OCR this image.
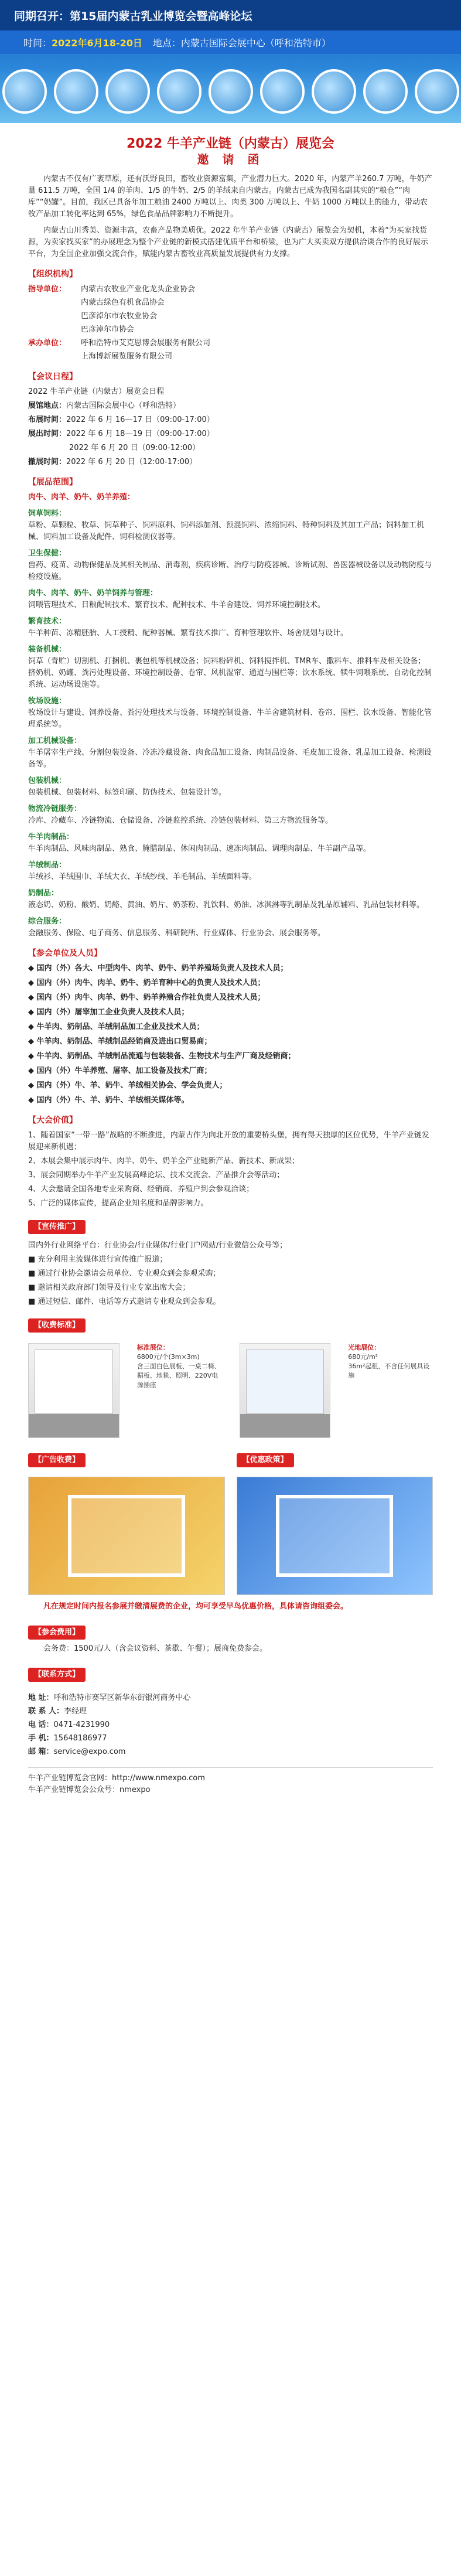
同期召开：第15届内蒙古乳业博览会暨高峰论坛
时间：2022年6月18-20日 地点：内蒙古国际会展中心（呼和浩特市）
2022 牛羊产业链（内蒙古）展览会
邀 请 函

内蒙古不仅有广袤草原，还有沃野良田，畜牧业资源富集，产业潜力巨大。2020 年，内蒙产羊260.7 万吨，牛奶产量 611.5 万吨，全国 1/4 的羊肉、1/5 的牛奶、2/5 的羊绒来自内蒙古。内蒙古已成为我国名副其实的“粮仓”“肉库”“奶罐”。目前，我区已具备年加工粮油 2400 万吨以上、肉类 300 万吨以上、牛奶 1000 万吨以上的能力，带动农牧产品加工转化率达到 65%，绿色食品品牌影响力不断提升。

内蒙古山川秀美、资源丰富，农畜产品物美质优。2022 年牛羊产业链（内蒙古）展览会为契机，本着“为买家找货源，为卖家找买家”的办展理念为整个产业链的新模式搭建优质平台和桥梁，也为广大买卖双方提供洽谈合作的良好展示平台，为全国企业加强交流合作，赋能内蒙古畜牧业高质量发展提供有力支撑。

【组织机构】
指导单位： 内蒙古农牧业产业化龙头企业协会
内蒙古绿色有机食品协会
巴彦淖尔市农牧业协会
巴彦淖尔市协会
承办单位： 呼和浩特市艾克思博会展服务有限公司
上海博新展览服务有限公司
【会议日程】
2022 牛羊产业链（内蒙古）展览会日程
展馆地点：内蒙古国际会展中心（呼和浩特）
布展时间：2022 年 6 月 16—17 日（09:00-17:00）
展出时间：2022 年 6 月 18—19 日（09:00-17:00）
2022 年 6 月 20 日（09:00-12:00）
撤展时间：2022 年 6 月 20 日（12:00-17:00）
【展品范围】
肉牛、肉羊、奶牛、奶羊养殖：
饲草饲料：
草粉、草颗粒、牧草、饲草种子、饲料原料、饲料添加剂、预混饲料、浓缩饲料、特种饲料及其加工产品；饲料加工机械、饲料加工设备及配件、饲料检测仪器等。
卫生保健：
兽药、疫苗、动物保健品及其相关制品、消毒剂，疾病诊断、治疗与防疫器械、诊断试剂、兽医器械设备以及动物防疫与检疫设施。
肉牛、肉羊、奶牛、奶羊饲养与管理：
饲喂管理技术、日粮配制技术、繁育技术、配种技术、牛羊舍建设、饲养环境控制技术。
繁育技术：
牛羊种苗、冻精胚胎、人工授精、配种器械、繁育技术推广、育种管理软件、场舍规划与设计。
装备机械：
饲草（青贮）切割机、打捆机、裹包机等机械设备；饲料粉碎机、饲料搅拌机、TMR车、撒料车、推料车及相关设备；挤奶机、奶罐、粪污处理设备、环境控制设备、卷帘、风机湿帘、通道与围栏等；饮水系统、犊牛饲喂系统、自动化控制系统、运动场设施等。
牧场设施：
牧场设计与建设、饲养设备、粪污处理技术与设备、环境控制设备、牛羊舍建筑材料、卷帘、围栏、饮水设备、智能化管理系统等。
加工机械设备：
牛羊屠宰生产线、分割包装设备、冷冻冷藏设备、肉食品加工设备、肉制品设备、毛皮加工设备、乳品加工设备、检测设备等。
包装机械：
包装机械、包装材料、标签印刷、防伪技术、包装设计等。
物流冷链服务：
冷库、冷藏车、冷链物流、仓储设备、冷链监控系统、冷链包装材料、第三方物流服务等。
牛羊肉制品：
牛羊肉制品、风味肉制品、熟食、腌腊制品、休闲肉制品、速冻肉制品、调理肉制品、牛羊副产品等。
羊绒制品：
羊绒衫、羊绒围巾、羊绒大衣、羊绒纱线、羊毛制品、羊绒面料等。
奶制品：
液态奶、奶粉、酸奶、奶酪、黄油、奶片、奶茶粉、乳饮料、奶油、冰淇淋等乳制品及乳品原辅料、乳品包装材料等。
综合服务：
金融服务、保险、电子商务、信息服务、科研院所、行业媒体、行业协会、展会服务等。
【参会单位及人员】
◆ 国内（外）各大、中型肉牛、肉羊、奶牛、奶羊养殖场负责人及技术人员；
◆ 国内（外）肉牛、肉羊、奶牛、奶羊育种中心的负责人及技术人员；
◆ 国内（外）肉牛、肉羊、奶牛、奶羊养殖合作社负责人及技术人员；
◆ 国内（外）屠宰加工企业负责人及技术人员；
◆ 牛羊肉、奶制品、羊绒制品加工企业及技术人员；
◆ 牛羊肉、奶制品、羊绒制品经销商及进出口贸易商；
◆ 牛羊肉、奶制品、羊绒制品流通与包装装备、生物技术与生产厂商及经销商；
◆ 国内（外）牛羊养殖、屠宰、加工设备及技术厂商；
◆ 国内（外）牛、羊、奶牛、羊绒相关协会、学会负责人；
◆ 国内（外）牛、羊、奶牛、羊绒相关媒体等。
【大会价值】
1、随着国家“一带一路”战略的不断推进，内蒙古作为向北开放的重要桥头堡，拥有得天独厚的区位优势，牛羊产业链发展迎来新机遇；
2、本展会集中展示肉牛、肉羊、奶牛、奶羊全产业链新产品、新技术、新成果；
3、展会同期举办牛羊产业发展高峰论坛、技术交流会、产品推介会等活动；
4、大会邀请全国各地专业采购商、经销商、养殖户到会参观洽谈；
5、广泛的媒体宣传，提高企业知名度和品牌影响力。
【宣传推广】
国内外行业网络平台：行业协会/行业媒体/行业门户网站/行业微信公众号等；
■ 充分利用主流媒体进行宣传推广报道；
■ 通过行业协会邀请会员单位、专业观众到会参观采购；
■ 邀请相关政府部门领导及行业专家出席大会；
■ 通过短信、邮件、电话等方式邀请专业观众到会参观。
【收费标准】
标准展位：
6800元/个(3m×3m)
含三面白色展板、一桌二椅、楣板、地毯、照明、220V电源插座
光地展位：
680元/m²
36m²起租，不含任何展具设施
【广告收费】	【优惠政策】

凡在规定时间内报名参展并缴清展费的企业，均可享受早鸟优惠价格，具体请咨询组委会。

【参会费用】

会务费：1500元/人（含会议资料、茶歇、午餐）；展商免费参会。

【联系方式】
地 址：呼和浩特市赛罕区新华东街银河商务中心
联 系 人：李经理
电 话：0471-4231990
手 机：15648186977
邮 箱：service@expo.com
牛羊产业链博览会官网：http://www.nmexpo.com
牛羊产业链博览会公众号：nmexpo
